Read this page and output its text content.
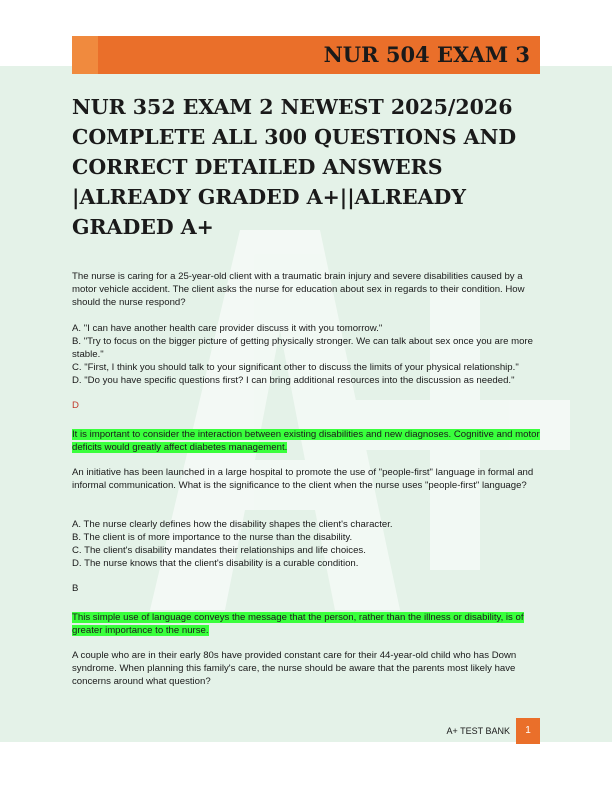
NUR 504 EXAM 3
NUR 352 EXAM 2 NEWEST 2025/2026 COMPLETE ALL 300 QUESTIONS AND CORRECT DETAILED ANSWERS |ALREADY GRADED A+||ALREADY GRADED A+

The nurse is caring for a 25-year-old client with a traumatic brain injury and severe disabilities caused by a motor vehicle accident. The client asks the nurse for education about sex in regards to their condition. How should the nurse respond?

A. "I can have another health care provider discuss it with you tomorrow."

B. "Try to focus on the bigger picture of getting physically stronger. We can talk about sex once you are more stable."

C. "First, I think you should talk to your significant other to discuss the limits of your physical relationship."

D. "Do you have specific questions first? I can bring additional resources into the discussion as needed."

D

It is important to consider the interaction between existing disabilities and new diagnoses. Cognitive and motor deficits would greatly affect diabetes management.

An initiative has been launched in a large hospital to promote the use of "people-first" language in formal and informal communication. What is the significance to the client when the nurse uses "people-first" language?

A. The nurse clearly defines how the disability shapes the client's character.

B. The client is of more importance to the nurse than the disability.

C. The client's disability mandates their relationships and life choices.

D. The nurse knows that the client's disability is a curable condition.

B

This simple use of language conveys the message that the person, rather than the illness or disability, is of greater importance to the nurse.

A couple who are in their early 80s have provided constant care for their 44-year-old child who has Down syndrome. When planning this family's care, the nurse should be aware that the parents most likely have concerns around what question?

A+ TEST BANK	1
